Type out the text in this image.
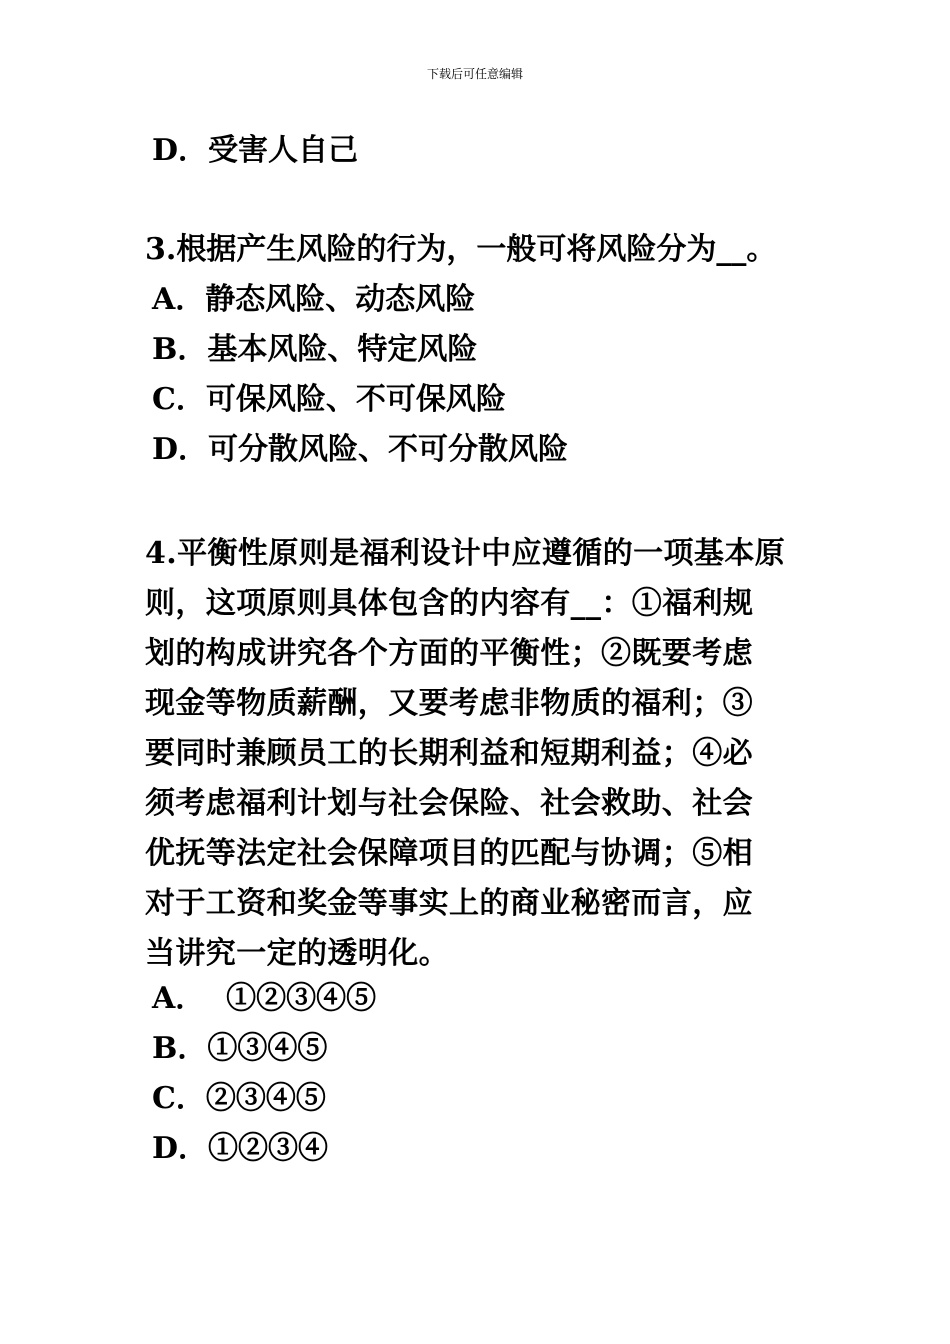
下载后可任意编辑
D．受害人自己
3.根据产生风险的行为，一般可将风险分为__。
A．静态风险、动态风险
B．基本风险、特定风险
C．可保风险、不可保风险
D．可分散风险、不可分散风险
4.平衡性原则是福利设计中应遵循的一项基本原
则，这项原则具体包含的内容有__：①福利规
划的构成讲究各个方面的平衡性；②既要考虑
现金等物质薪酬，又要考虑非物质的福利；③
要同时兼顾员工的长期利益和短期利益；④必
须考虑福利计划与社会保险、社会救助、社会
优抚等法定社会保障项目的匹配与协调；⑤相
对于工资和奖金等事实上的商业秘密而言，应
当讲究一定的透明化。
A．  ①②③④⑤
B．①③④⑤
C．②③④⑤
D．①②③④
